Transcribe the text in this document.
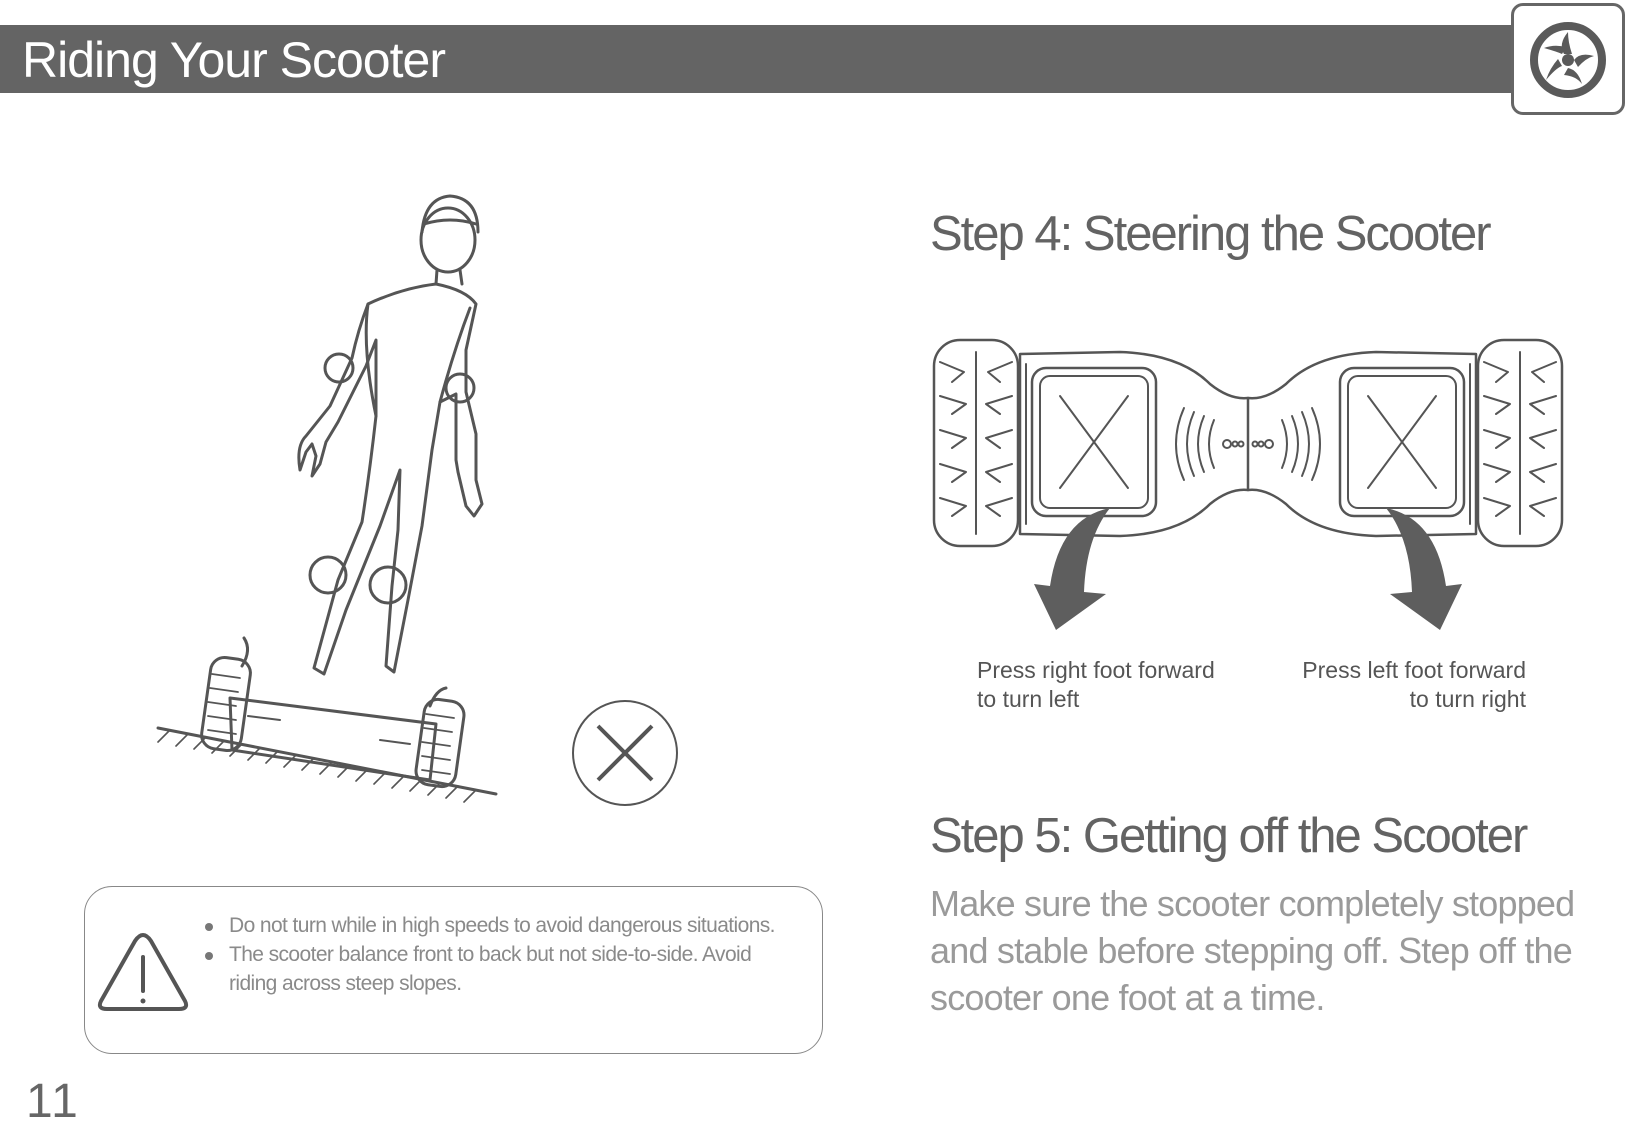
Riding Your Scooter
Do not turn while in high speeds to avoid dangerous situations.
The scooter balance front to back but not side-to-side. Avoid riding across steep slopes.
11
Step 4: Steering the Scooter
Press right foot forward
to turn left
Press left foot forward
to turn right
Step 5: Getting off the Scooter
Make sure the scooter completely stopped and stable before stepping off. Step off the scooter one foot at a time.
